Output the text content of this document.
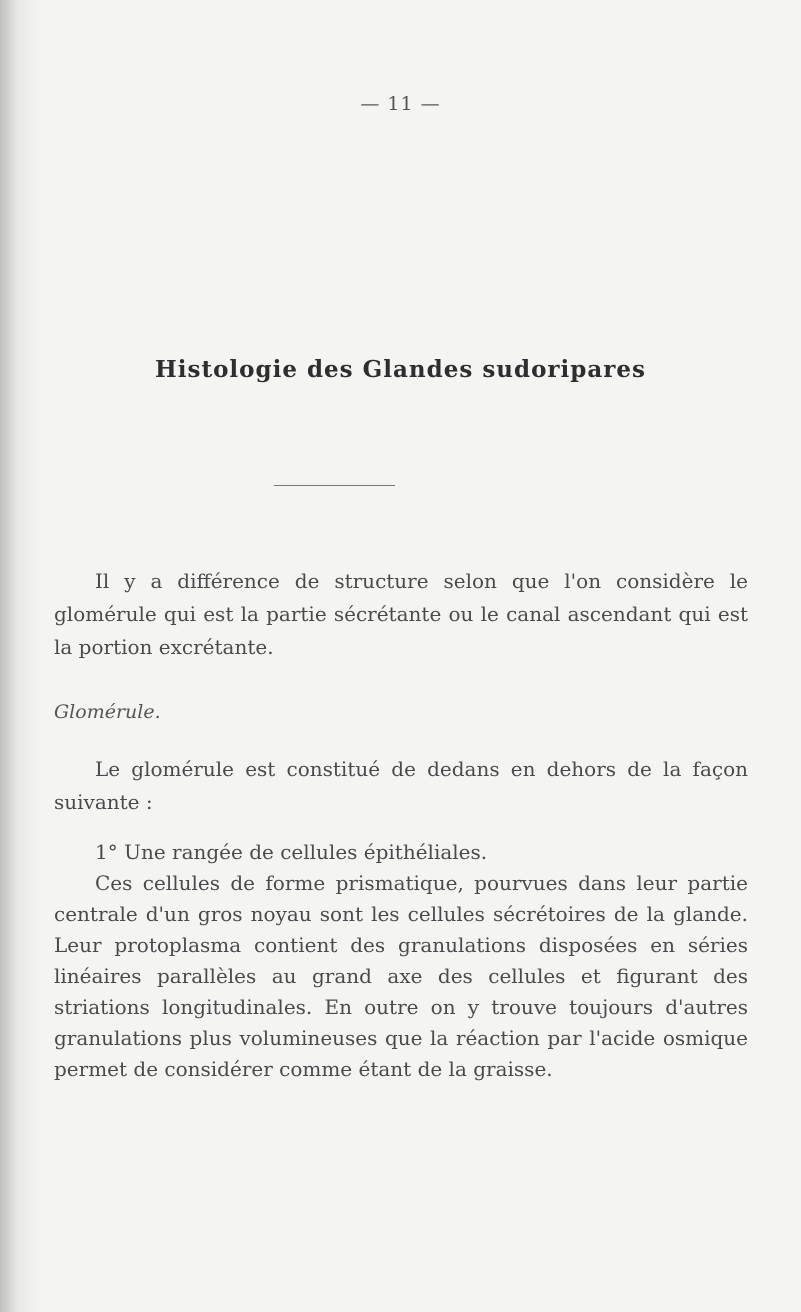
— 11 —
Histologie des Glandes sudoripares
Il y a différence de structure selon que l'on considère le glomérule qui est la partie sécrétante ou le canal ascendant qui est la portion excrétante.
Glomérule.
Le glomérule est constitué de dedans en dehors de la façon suivante :
1° Une rangée de cellules épithéliales.
Ces cellules de forme prismatique, pourvues dans leur partie centrale d'un gros noyau sont les cellules sécrétoires de la glande. Leur protoplasma contient des granulations disposées en séries linéaires parallèles au grand axe des cellules et figurant des striations longitudinales. En outre on y trouve toujours d'autres granulations plus volumineuses que la réaction par l'acide osmique permet de considérer comme étant de la graisse.
